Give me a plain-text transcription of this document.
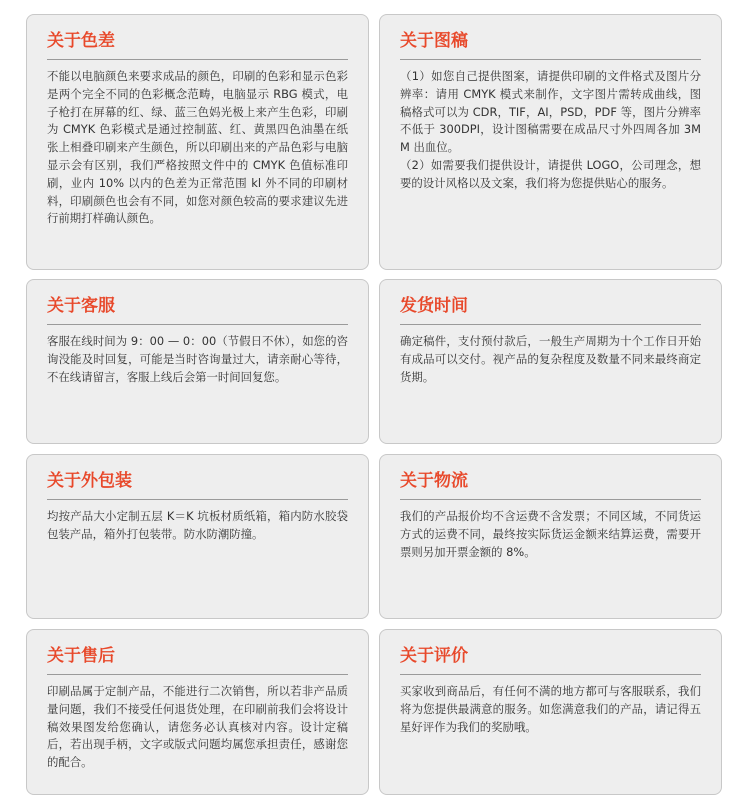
关于色差

不能以电脑颜色来要求成品的颜色，印刷的色彩和显示色彩是两个完全不同的色彩概念范畴，电脑显示 RBG 模式，电子枪打在屏幕的红、绿、蓝三色妈光极上来产生色彩，印刷为 CMYK 色彩模式是通过控制蓝、红、黄黑四色油墨在纸张上相叠印刷来产生颜色，所以印刷出来的产品色彩与电脑显示会有区别，我们严格按照文件中的 CMYK 色值标准印刷，业内 10% 以内的色差为正常范围 kl 外不同的印刷材料，印刷颜色也会有不同，如您对颜色较高的要求建议先进行前期打样确认颜色。

关于图稿

（1）如您自己提供图案，请提供印刷的文件格式及图片分辨率：请用 CMYK 模式来制作，文字图片需转成曲线，图稿格式可以为 CDR，TIF，AI，PSD，PDF 等，图片分辨率不低于 300DPI，设计图稿需要在成品尺寸外四周各加 3MM 出血位。

（2）如需要我们提供设计，请提供 LOGO，公司理念，想要的设计风格以及文案，我们将为您提供贴心的服务。

关于客服

客服在线时间为 9：00 — 0：00（节假日不休），如您的咨询没能及时回复，可能是当时咨询量过大，请亲耐心等待，不在线请留言，客服上线后会第一时间回复您。

发货时间

确定稿件，支付预付款后，一般生产周期为十个工作日开始有成品可以交付。视产品的复杂程度及数量不同来最终商定货期。

关于外包装

均按产品大小定制五层 K＝K 坑板材质纸箱，箱内防水胶袋包装产品，箱外打包装带。防水防潮防撞。

关于物流

我们的产品报价均不含运费不含发票；不同区域，不同货运方式的运费不同，最终按实际货运金额来结算运费，需要开票则另加开票金额的 8%。

关于售后

印刷品属于定制产品，不能进行二次销售，所以若非产品质量问题，我们不接受任何退货处理，在印刷前我们会将设计稿效果图发给您确认，请您务必认真核对内容。设计定稿后，若出现手柄，文字或版式问题均属您承担责任，感谢您的配合。

关于评价

买家收到商品后，有任何不满的地方都可与客服联系，我们将为您提供最满意的服务。如您满意我们的产品，请记得五星好评作为我们的奖励哦。
